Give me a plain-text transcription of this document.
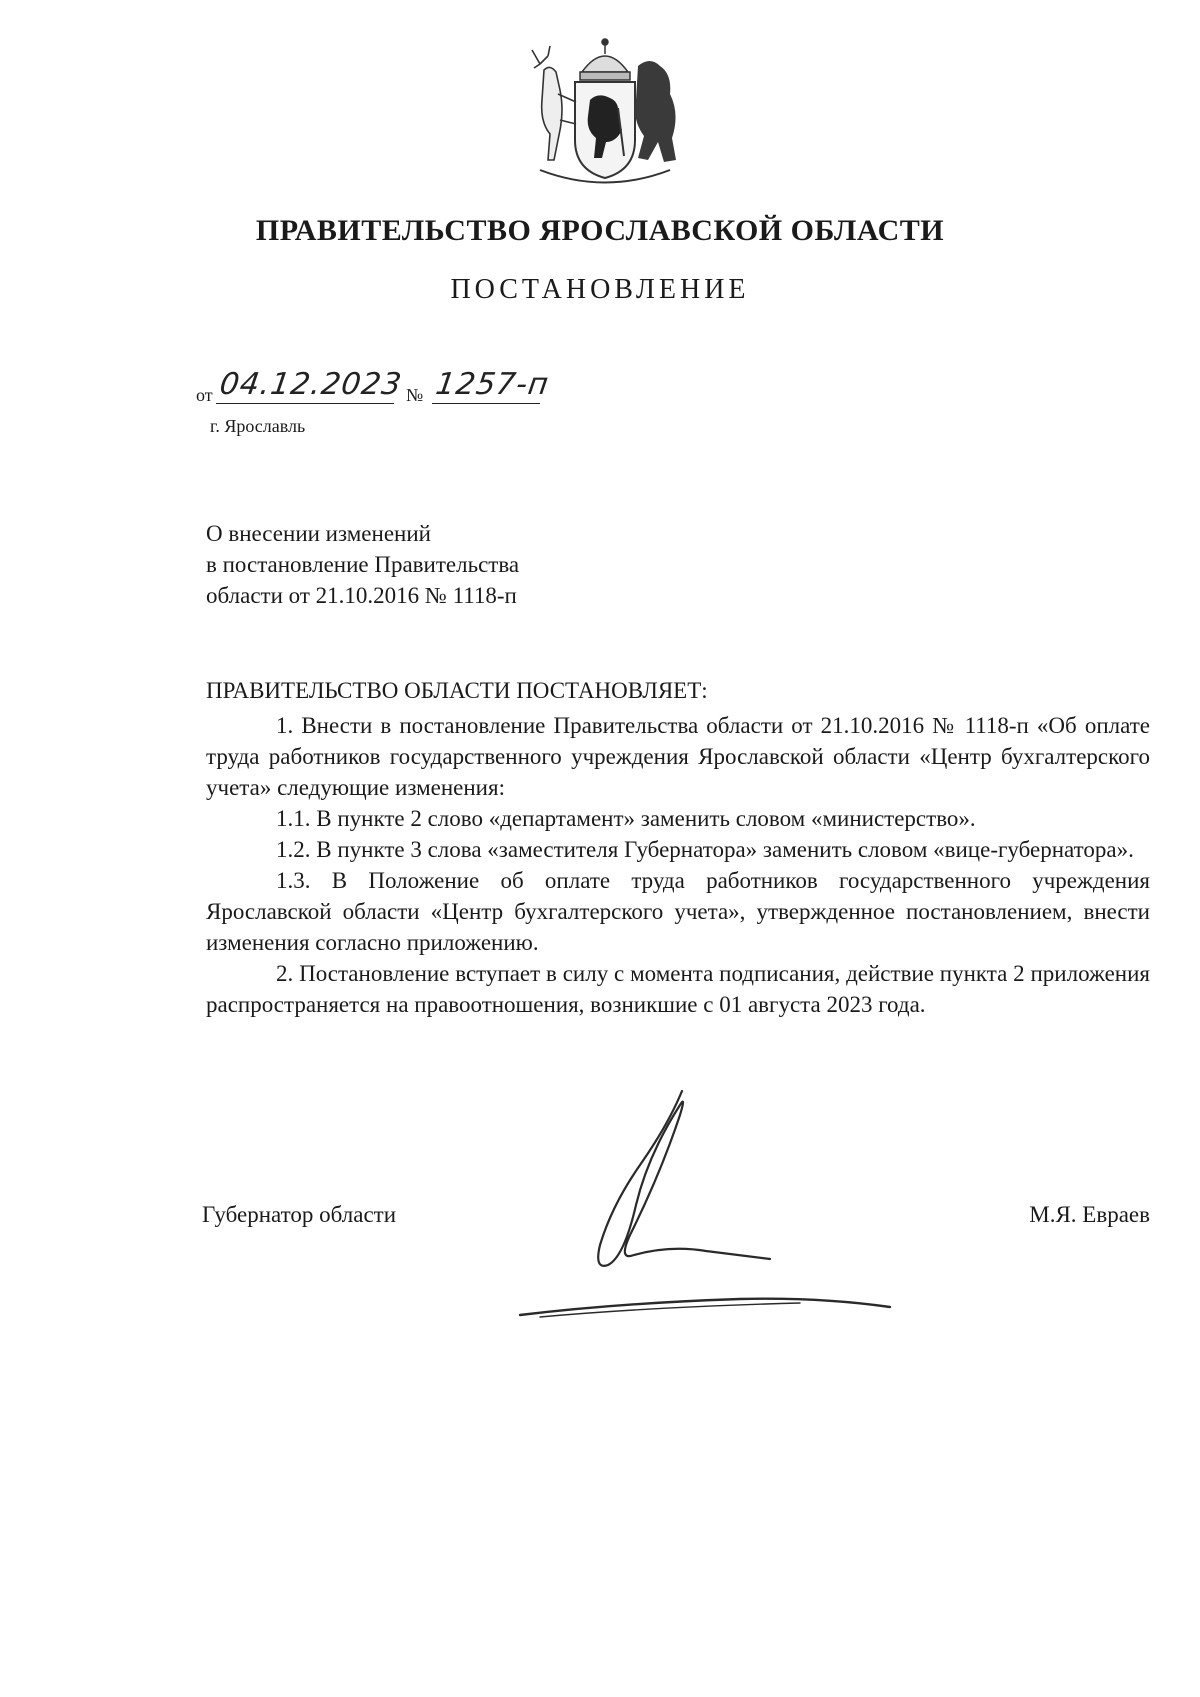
ПРАВИТЕЛЬСТВО ЯРОСЛАВСКОЙ ОБЛАСТИ
ПОСТАНОВЛЕНИЕ
от 04.12.2023 № 1257-п
г. Ярославль
О внесении изменений
в постановление Правительства
области от 21.10.2016 № 1118-п
ПРАВИТЕЛЬСТВО ОБЛАСТИ ПОСТАНОВЛЯЕТ:

1. Внести в постановление Правительства области от 21.10.2016 № 1118-п «Об оплате труда работников государственного учреждения Ярославской области «Центр бухгалтерского учета» следующие изменения:

1.1. В пункте 2 слово «департамент» заменить словом «министерство».

1.2. В пункте 3 слова «заместителя Губернатора» заменить словом «вице-губернатора».

1.3. В Положение об оплате труда работников государственного учреждения Ярославской области «Центр бухгалтерского учета», утвержденное постановлением, внести изменения согласно приложению.

2. Постановление вступает в силу с момента подписания, действие пункта 2 приложения распространяется на правоотношения, возникшие с 01 августа 2023 года.

Губернатор области	М.Я. Евраев
